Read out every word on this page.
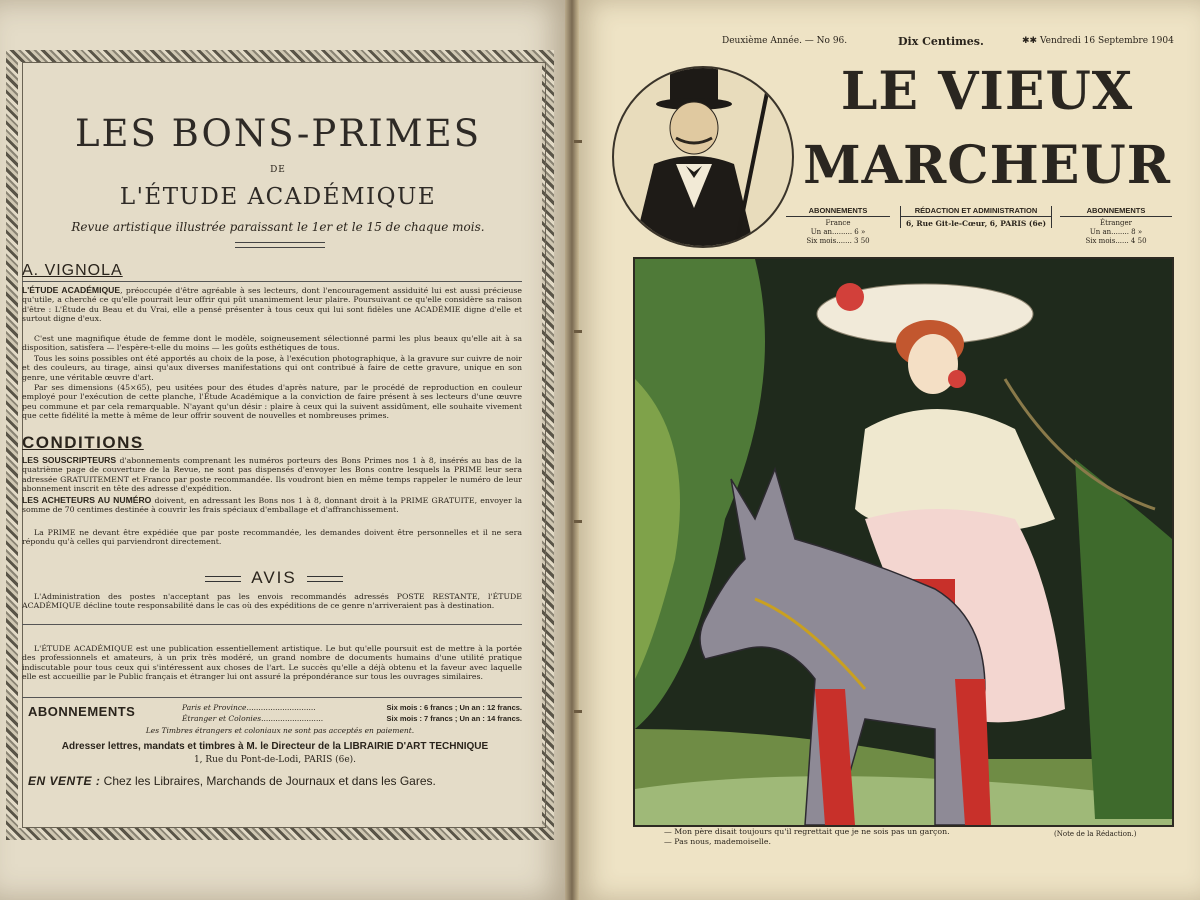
LES BONS-PRIMES
DE
L'ÉTUDE ACADÉMIQUE
Revue artistique illustrée paraissant le 1er et le 15 de chaque mois.
A. VIGNOLA
L'ÉTUDE ACADÉMIQUE, préoccupée d'être agréable à ses lecteurs, dont l'encouragement assiduité lui est aussi précieuse qu'utile, a cherché ce qu'elle pourrait leur offrir qui pût unanimement leur plaire. Poursuivant ce qu'elle considère sa raison d'être : L'Étude du Beau et du Vrai, elle a pensé présenter à tous ceux qui lui sont fidèles une ACADÉMIE digne d'elle et surtout digne d'eux.
C'est une magnifique étude de femme dont le modèle, soigneusement sélectionné parmi les plus beaux qu'elle ait à sa disposition, satisfera — l'espère-t-elle du moins — les goûts esthétiques de tous.
Tous les soins possibles ont été apportés au choix de la pose, à l'exécution photographique, à la gravure sur cuivre de noir et des couleurs, au tirage, ainsi qu'aux diverses manifestations qui ont contribué à faire de cette gravure, unique en son genre, une véritable œuvre d'art.
Par ses dimensions (45×65), peu usitées pour des études d'après nature, par le procédé de reproduction en couleur employé pour l'exécution de cette planche, l'Étude Académique a la conviction de faire présent à ses lecteurs d'une œuvre peu commune et par cela remarquable. N'ayant qu'un désir : plaire à ceux qui la suivent assidûment, elle souhaite vivement que cette fidélité la mette à même de leur offrir souvent de nouvelles et nombreuses primes.
CONDITIONS
LES SOUSCRIPTEURS d'abonnements comprenant les numéros porteurs des Bons Primes nos 1 à 8, insérés au bas de la quatrième page de couverture de la Revue, ne sont pas dispensés d'envoyer les Bons contre lesquels la PRIME leur sera adressée GRATUITEMENT et Franco par poste recommandée. Ils voudront bien en même temps rappeler le numéro de leur abonnement inscrit en tête des adresse d'expédition.
LES ACHETEURS AU NUMÉRO doivent, en adressant les Bons nos 1 à 8, donnant droit à la PRIME GRATUITE, envoyer la somme de 70 centimes destinée à couvrir les frais spéciaux d'emballage et d'affranchissement.
La PRIME ne devant être expédiée que par poste recommandée, les demandes doivent être personnelles et il ne sera répondu qu'à celles qui parviendront directement.
AVIS
L'Administration des postes n'acceptant pas les envois recommandés adressés POSTE RESTANTE, l'ÉTUDE ACADÉMIQUE décline toute responsabilité dans le cas où des expéditions de ce genre n'arriveraient pas à destination.
L'ÉTUDE ACADÉMIQUE est une publication essentiellement artistique. Le but qu'elle poursuit est de mettre à la portée des professionnels et amateurs, à un prix très modéré, un grand nombre de documents humains d'une utilité pratique indiscutable pour tous ceux qui s'intéressent aux choses de l'art. Le succès qu'elle a déjà obtenu et la faveur avec laquelle elle est accueillie par le Public français et étranger lui ont assuré la prépondérance sur tous les ouvrages similaires.
ABONNEMENTS	Paris et Province.............................	Six mois : 6 francs ; Un an : 12 francs.
Étranger et Colonies..........................	Six mois : 7 francs ; Un an : 14 francs.
Les Timbres étrangers et coloniaux ne sont pas acceptés en paiement.
Adresser lettres, mandats et timbres à M. le Directeur de la LIBRAIRIE D'ART TECHNIQUE
1, Rue du Pont-de-Lodi, PARIS (6e).
EN VENTE : Chez les Libraires, Marchands de Journaux et dans les Gares.
Deuxième Année. — No 96.	Dix Centimes.	✱✱ Vendredi 16 Septembre 1904
LE VIEUX
MARCHEUR
ABONNEMENTS
France
Un an......... 6 »
Six mois....... 3 50
RÉDACTION ET ADMINISTRATION
6, Rue Git-le-Cœur, 6, PARIS (6e)
ABONNEMENTS
Étranger
Un an........ 8 »
Six mois...... 4 50
— Mon père disait toujours qu'il regrettait que je ne sois pas un garçon.
— Pas nous, mademoiselle.
(Note de la Rédaction.)
